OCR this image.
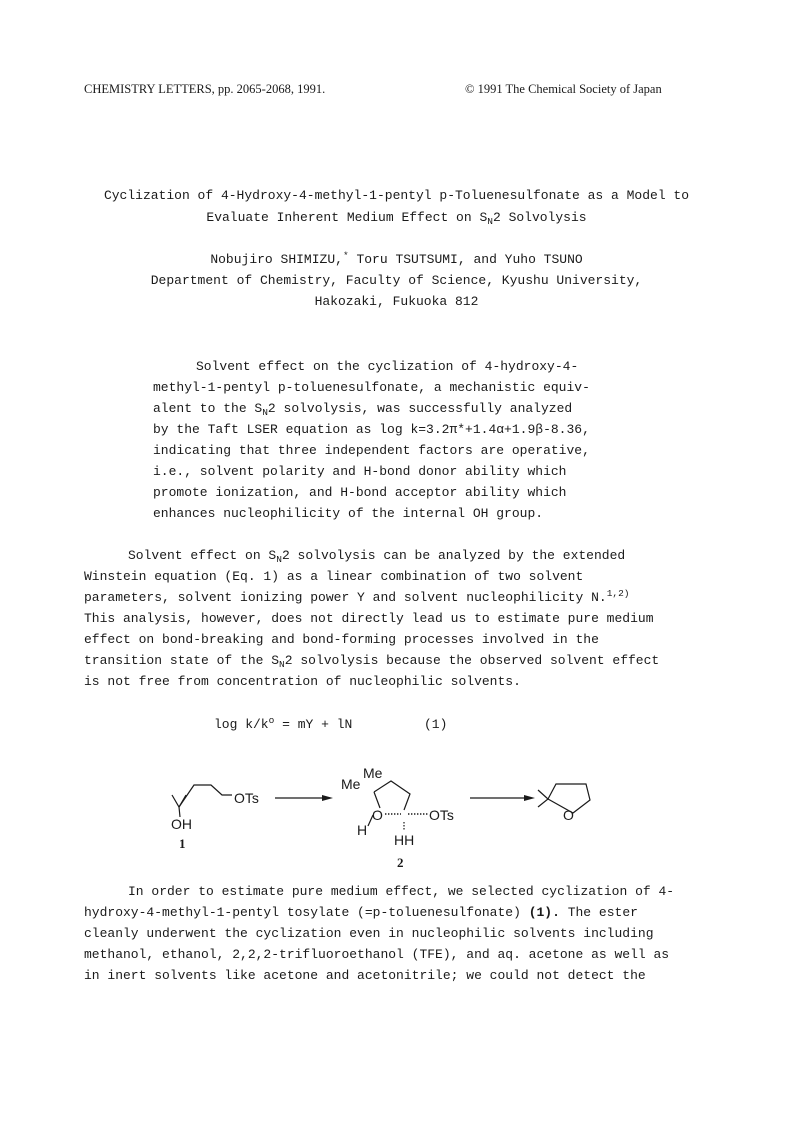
CHEMISTRY LETTERS, pp. 2065-2068, 1991.	© 1991 The Chemical Society of Japan
Cyclization of 4-Hydroxy-4-methyl-1-pentyl p-Toluenesulfonate as a Model to
Evaluate Inherent Medium Effect on $S_N2$ Solvolysis
Nobujiro SHIMIZU,* Toru TSUTSUMI, and Yuho TSUNO
Department of Chemistry, Faculty of Science, Kyushu University,
Hakozaki, Fukuoka 812
Solvent effect on the cyclization of 4-hydroxy-4-
methyl-1-pentyl p-toluenesulfonate, a mechanistic equiv-
alent to the $S_N2$ solvolysis, was successfully analyzed
by the Taft LSER equation as log k=3.2π*+1.4α+1.9β-8.36,
indicating that three independent factors are operative,
i.e., solvent polarity and H-bond donor ability which
promote ionization, and H-bond acceptor ability which
enhances nucleophilicity of the internal OH group.
Solvent effect on $S_N2$ solvolysis can be analyzed by the extended
Winstein equation (Eq. 1) as a linear combination of two solvent
parameters, solvent ionizing power Y and solvent nucleophilicity N.$^{1,2)}$
This analysis, however, does not directly lead us to estimate pure medium
effect on bond-breaking and bond-forming processes involved in the
transition state of the $S_N2$ solvolysis because the observed solvent effect
is not free from concentration of nucleophilic solvents.
$\log k/k^o$ = mY + lN	(1)
OTs
OH
Me
Me
O	OTs
H
HH
O
1
2
In order to estimate pure medium effect, we selected cyclization of 4-
hydroxy-4-methyl-1-pentyl tosylate (=p-toluenesulfonate) (1). The ester
cleanly underwent the cyclization even in nucleophilic solvents including
methanol, ethanol, 2,2,2-trifluoroethanol (TFE), and aq. acetone as well as
in inert solvents like acetone and acetonitrile; we could not detect the
